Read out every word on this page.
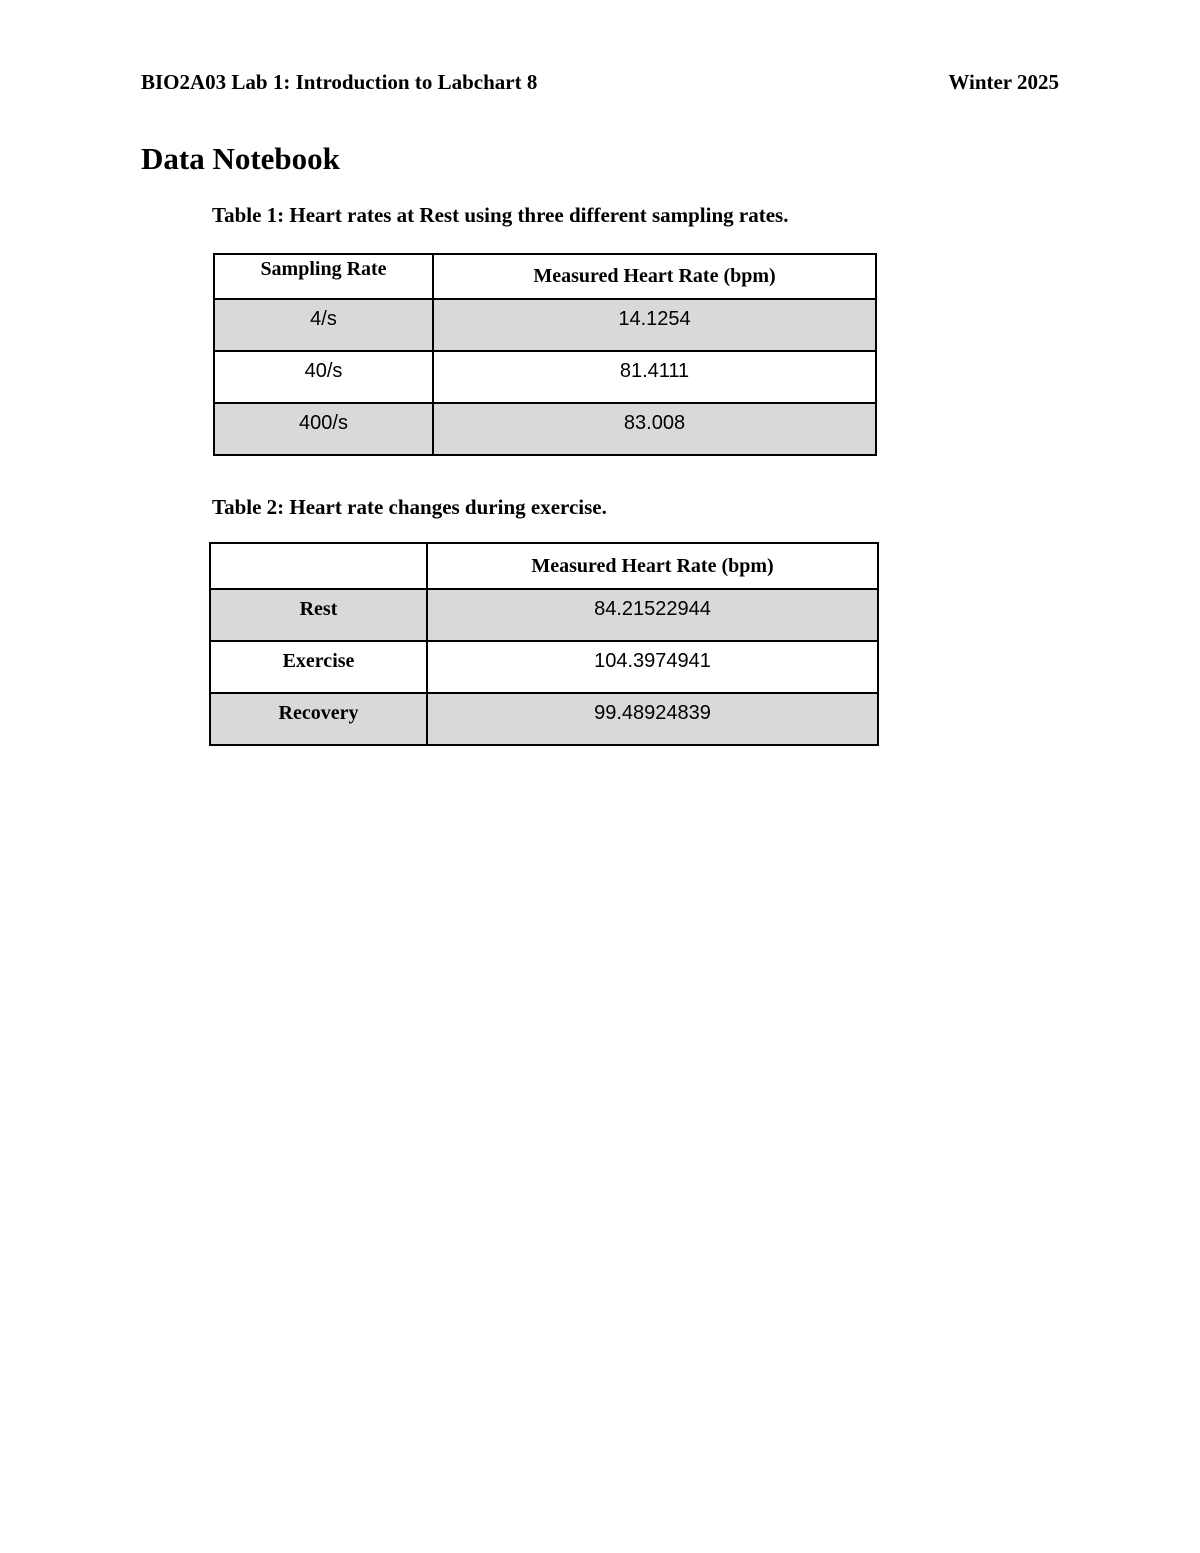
BIO2A03 Lab 1: Introduction to Labchart 8	Winter 2025
Data Notebook

Table 1: Heart rates at Rest using three different sampling rates.

Sampling Rate	Measured Heart Rate (bpm)
4/s	14.1254
40/s	81.4111
400/s	83.008

Table 2: Heart rate changes during exercise.

	Measured Heart Rate (bpm)
Rest	84.21522944
Exercise	104.3974941
Recovery	99.48924839
